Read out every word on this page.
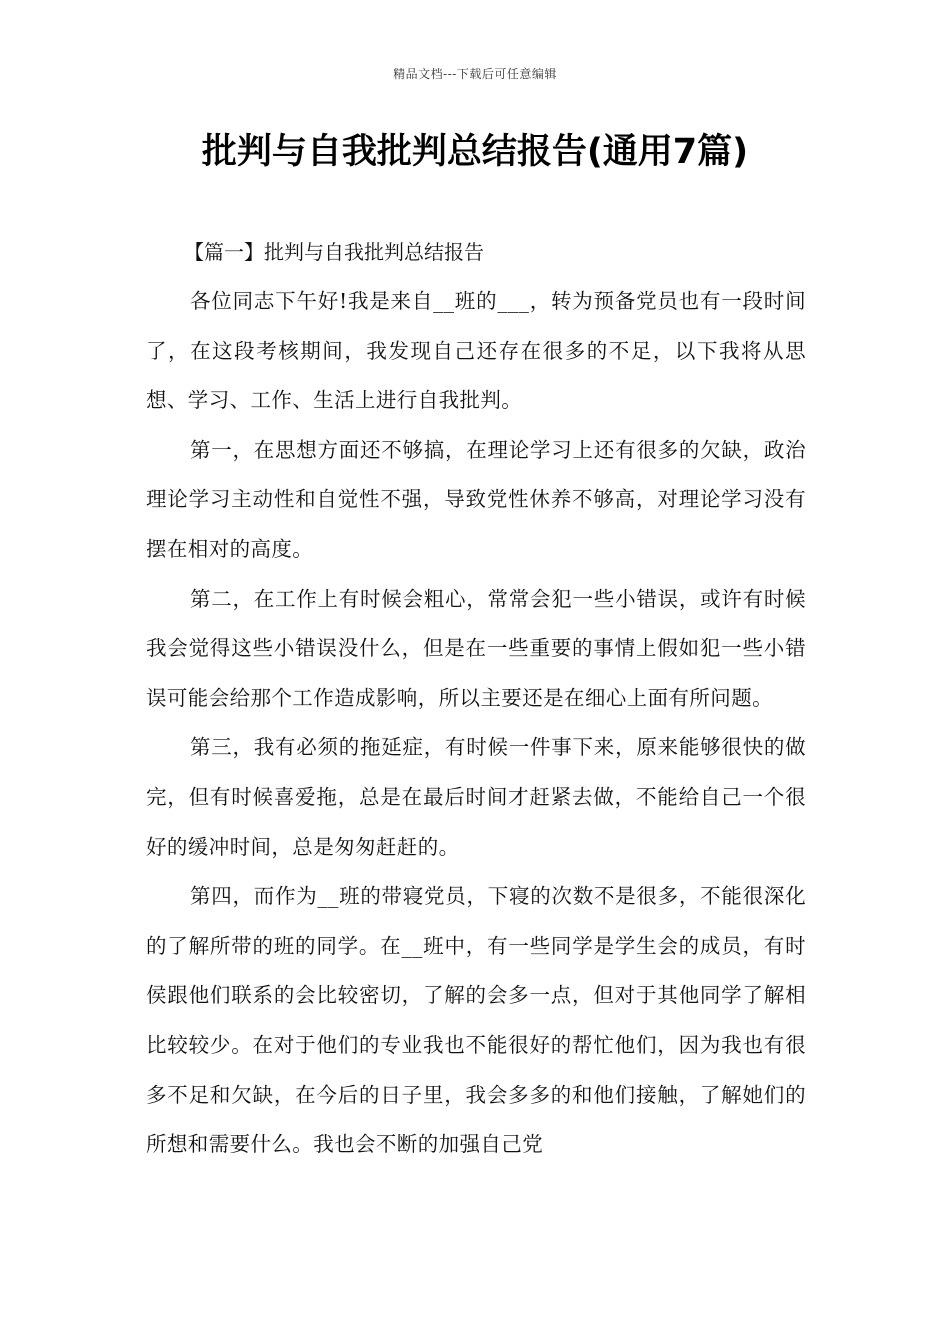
精品文档---下载后可任意编辑
批判与自我批判总结报告(通用7篇)
【篇一】批判与自我批判总结报告

各位同志下午好!我是来自__班的___，转为预备党员也有一段时间了，在这段考核期间，我发现自己还存在很多的不足，以下我将从思想、学习、工作、生活上进行自我批判。

第一，在思想方面还不够搞，在理论学习上还有很多的欠缺，政治理论学习主动性和自觉性不强，导致党性休养不够高，对理论学习没有摆在相对的高度。

第二，在工作上有时候会粗心，常常会犯一些小错误，或许有时候我会觉得这些小错误没什么，但是在一些重要的事情上假如犯一些小错误可能会给那个工作造成影响，所以主要还是在细心上面有所问题。

第三，我有必须的拖延症，有时候一件事下来，原来能够很快的做完，但有时候喜爱拖，总是在最后时间才赶紧去做，不能给自己一个很好的缓冲时间，总是匆匆赶赶的。

第四，而作为__班的带寝党员，下寝的次数不是很多，不能很深化的了解所带的班的同学。在__班中，有一些同学是学生会的成员，有时侯跟他们联系的会比较密切，了解的会多一点，但对于其他同学了解相比较较少。在对于他们的专业我也不能很好的帮忙他们，因为我也有很多不足和欠缺，在今后的日子里，我会多多的和他们接触，了解她们的所想和需要什么。我也会不断的加强自己党
